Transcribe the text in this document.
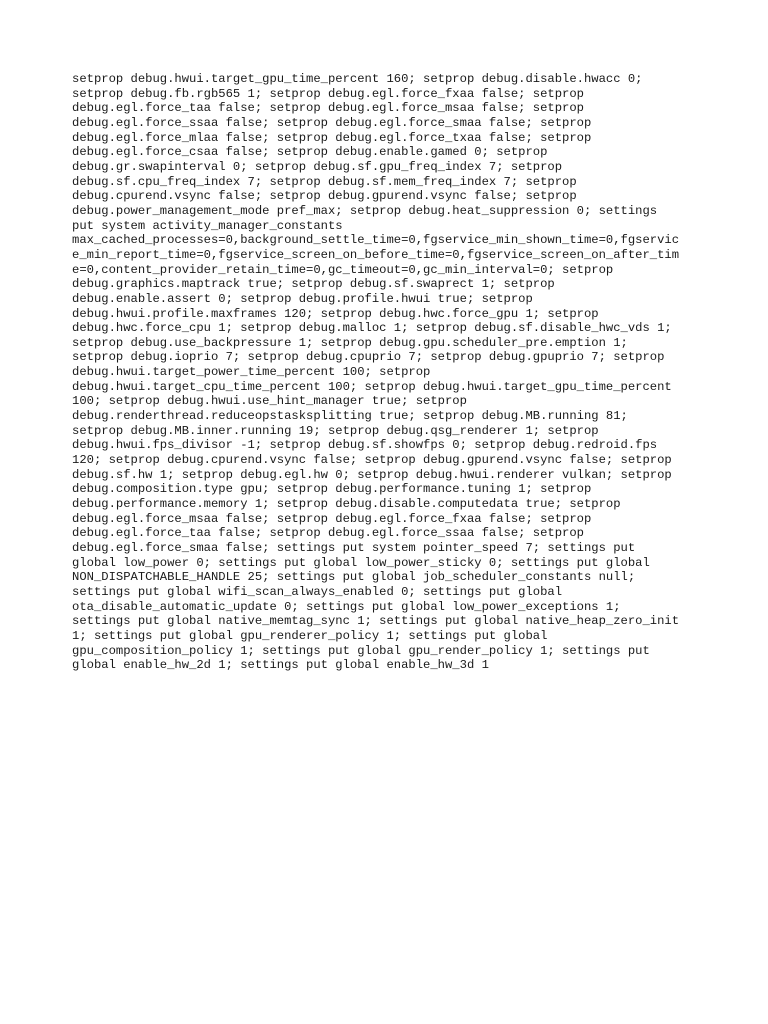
setprop debug.hwui.target_gpu_time_percent 160; setprop debug.disable.hwacc 0;
setprop debug.fb.rgb565 1; setprop debug.egl.force_fxaa false; setprop
debug.egl.force_taa false; setprop debug.egl.force_msaa false; setprop
debug.egl.force_ssaa false; setprop debug.egl.force_smaa false; setprop
debug.egl.force_mlaa false; setprop debug.egl.force_txaa false; setprop
debug.egl.force_csaa false; setprop debug.enable.gamed 0; setprop
debug.gr.swapinterval 0; setprop debug.sf.gpu_freq_index 7; setprop
debug.sf.cpu_freq_index 7; setprop debug.sf.mem_freq_index 7; setprop
debug.cpurend.vsync false; setprop debug.gpurend.vsync false; setprop
debug.power_management_mode pref_max; setprop debug.heat_suppression 0; settings
put system activity_manager_constants
max_cached_processes=0,background_settle_time=0,fgservice_min_shown_time=0,fgservic
e_min_report_time=0,fgservice_screen_on_before_time=0,fgservice_screen_on_after_tim
e=0,content_provider_retain_time=0,gc_timeout=0,gc_min_interval=0; setprop
debug.graphics.maptrack true; setprop debug.sf.swaprect 1; setprop
debug.enable.assert 0; setprop debug.profile.hwui true; setprop
debug.hwui.profile.maxframes 120; setprop debug.hwc.force_gpu 1; setprop
debug.hwc.force_cpu 1; setprop debug.malloc 1; setprop debug.sf.disable_hwc_vds 1;
setprop debug.use_backpressure 1; setprop debug.gpu.scheduler_pre.emption 1;
setprop debug.ioprio 7; setprop debug.cpuprio 7; setprop debug.gpuprio 7; setprop
debug.hwui.target_power_time_percent 100; setprop
debug.hwui.target_cpu_time_percent 100; setprop debug.hwui.target_gpu_time_percent
100; setprop debug.hwui.use_hint_manager true; setprop
debug.renderthread.reduceopstasksplitting true; setprop debug.MB.running 81;
setprop debug.MB.inner.running 19; setprop debug.qsg_renderer 1; setprop
debug.hwui.fps_divisor -1; setprop debug.sf.showfps 0; setprop debug.redroid.fps
120; setprop debug.cpurend.vsync false; setprop debug.gpurend.vsync false; setprop
debug.sf.hw 1; setprop debug.egl.hw 0; setprop debug.hwui.renderer vulkan; setprop
debug.composition.type gpu; setprop debug.performance.tuning 1; setprop
debug.performance.memory 1; setprop debug.disable.computedata true; setprop
debug.egl.force_msaa false; setprop debug.egl.force_fxaa false; setprop
debug.egl.force_taa false; setprop debug.egl.force_ssaa false; setprop
debug.egl.force_smaa false; settings put system pointer_speed 7; settings put
global low_power 0; settings put global low_power_sticky 0; settings put global
NON_DISPATCHABLE_HANDLE 25; settings put global job_scheduler_constants null;
settings put global wifi_scan_always_enabled 0; settings put global
ota_disable_automatic_update 0; settings put global low_power_exceptions 1;
settings put global native_memtag_sync 1; settings put global native_heap_zero_init
1; settings put global gpu_renderer_policy 1; settings put global
gpu_composition_policy 1; settings put global gpu_render_policy 1; settings put
global enable_hw_2d 1; settings put global enable_hw_3d 1
